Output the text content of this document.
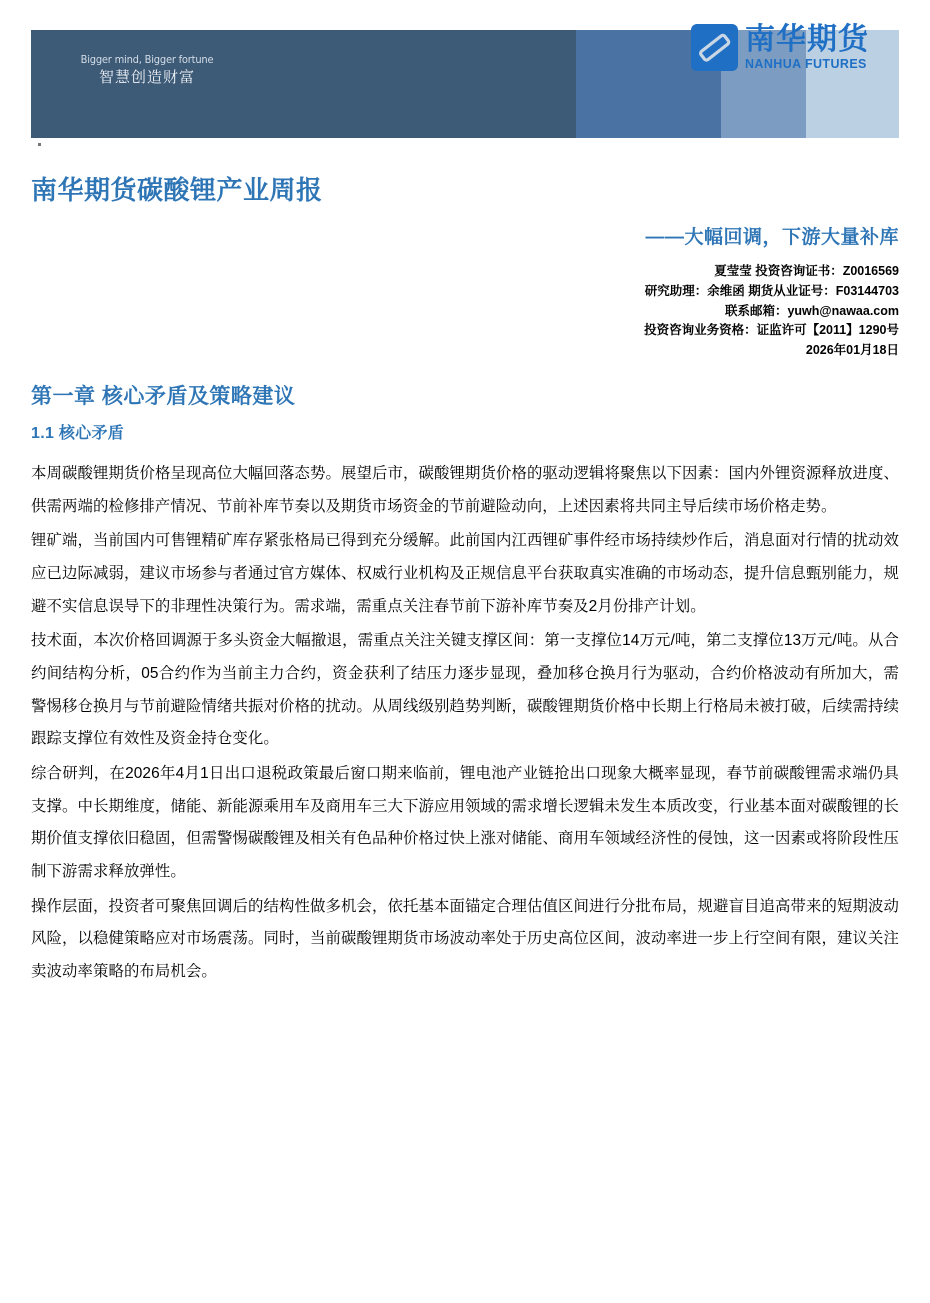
Bigger mind, Bigger fortune
智慧创造财富
南华期货
NANHUA FUTURES
南华期货碳酸锂产业周报
——大幅回调，下游大量补库
夏莹莹 投资咨询证书：Z0016569
研究助理：余维函 期货从业证号：F03144703
联系邮箱：yuwh@nawaa.com
投资咨询业务资格：证监许可【2011】1290号
2026年01月18日
第一章 核心矛盾及策略建议
1.1 核心矛盾

本周碳酸锂期货价格呈现高位大幅回落态势。展望后市，碳酸锂期货价格的驱动逻辑将聚焦以下因素：国内外锂资源释放进度、供需两端的检修排产情况、节前补库节奏以及期货市场资金的节前避险动向，上述因素将共同主导后续市场价格走势。

锂矿端，当前国内可售锂精矿库存紧张格局已得到充分缓解。此前国内江西锂矿事件经市场持续炒作后，消息面对行情的扰动效应已边际减弱，建议市场参与者通过官方媒体、权威行业机构及正规信息平台获取真实准确的市场动态，提升信息甄别能力，规避不实信息误导下的非理性决策行为。需求端，需重点关注春节前下游补库节奏及2月份排产计划。

技术面，本次价格回调源于多头资金大幅撤退，需重点关注关键支撑区间：第一支撑位14万元/吨，第二支撑位13万元/吨。从合约间结构分析，05合约作为当前主力合约，资金获利了结压力逐步显现，叠加移仓换月行为驱动，合约价格波动有所加大，需警惕移仓换月与节前避险情绪共振对价格的扰动。从周线级别趋势判断，碳酸锂期货价格中长期上行格局未被打破，后续需持续跟踪支撑位有效性及资金持仓变化。

综合研判，在2026年4月1日出口退税政策最后窗口期来临前，锂电池产业链抢出口现象大概率显现，春节前碳酸锂需求端仍具支撑。中长期维度，储能、新能源乘用车及商用车三大下游应用领域的需求增长逻辑未发生本质改变，行业基本面对碳酸锂的长期价值支撑依旧稳固，但需警惕碳酸锂及相关有色品种价格过快上涨对储能、商用车领域经济性的侵蚀，这一因素或将阶段性压制下游需求释放弹性。

操作层面，投资者可聚焦回调后的结构性做多机会，依托基本面锚定合理估值区间进行分批布局，规避盲目追高带来的短期波动风险，以稳健策略应对市场震荡。同时，当前碳酸锂期货市场波动率处于历史高位区间，波动率进一步上行空间有限，建议关注卖波动率策略的布局机会。
